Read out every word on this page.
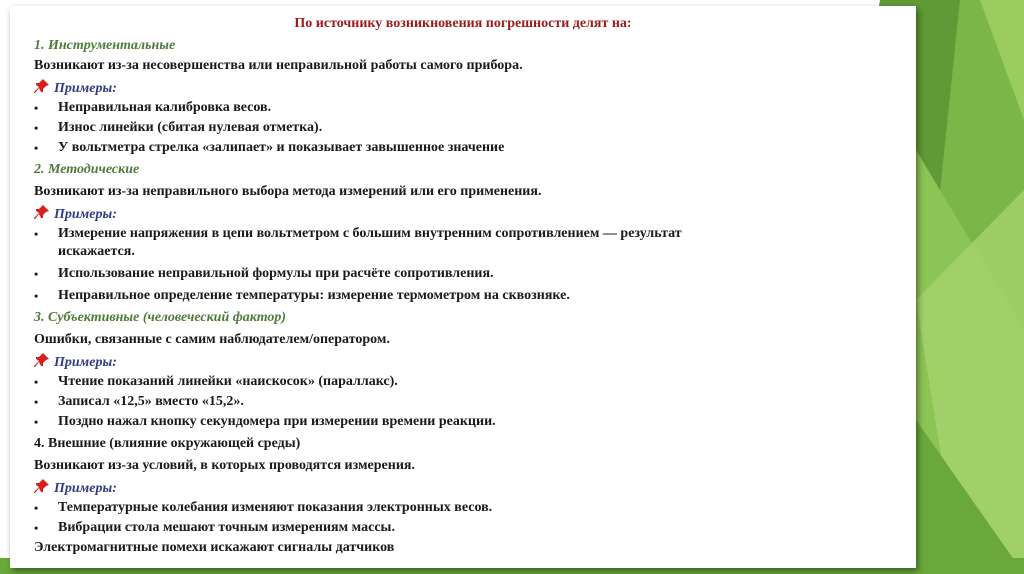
По источнику возникновения погрешности делят на:

1. Инструментальные

Возникают из-за несовершенства или неправильной работы самого прибора.

Примеры:

• Неправильная калибровка весов.

• Износ линейки (сбитая нулевая отметка).

• У вольтметра стрелка «залипает» и показывает завышенное значение

2. Методические

Возникают из-за неправильного выбора метода измерений или его применения.

Примеры:

• Измерение напряжения в цепи вольтметром с большим внутренним сопротивлением — результат

искажается.

• Использование неправильной формулы при расчёте сопротивления.

• Неправильное определение температуры: измерение термометром на сквозняке.

3. Субъективные (человеческий фактор)

Ошибки, связанные с самим наблюдателем/оператором.

Примеры:

• Чтение показаний линейки «наискосок» (параллакс).

• Записал «12,5» вместо «15,2».

• Поздно нажал кнопку секундомера при измерении времени реакции.

4. Внешние (влияние окружающей среды)

Возникают из-за условий, в которых проводятся измерения.

Примеры:

• Температурные колебания изменяют показания электронных весов.

• Вибрации стола мешают точным измерениям массы.

Электромагнитные помехи искажают сигналы датчиков
